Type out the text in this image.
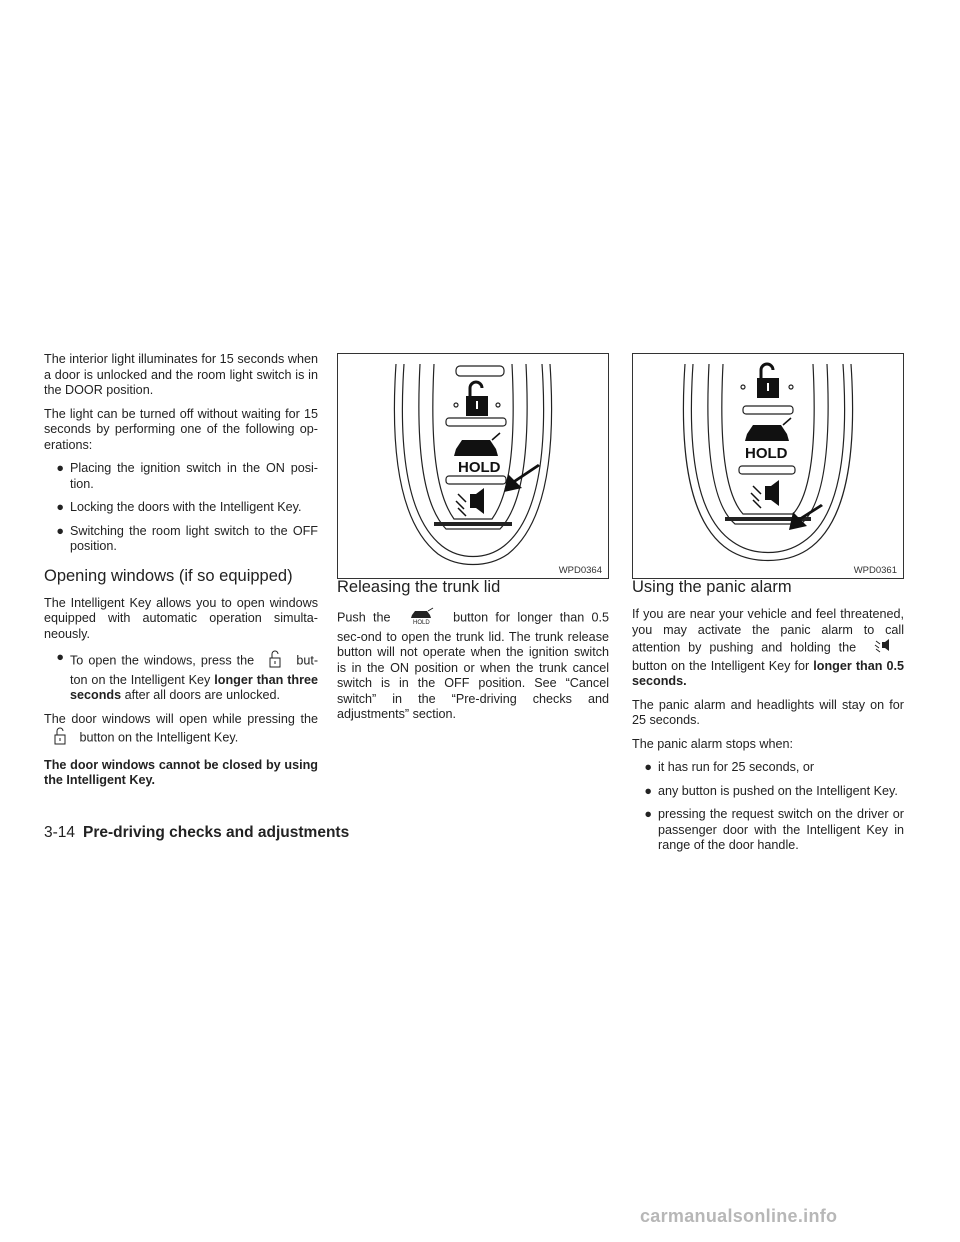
The interior light illuminates for 15 seconds when a door is unlocked and the room light switch is in the DOOR position.

The light can be turned off without waiting for 15 seconds by performing one of the following op-erations:

● Placing the ignition switch in the ON posi-tion.
● Locking the doors with the Intelligent Key.
● Switching the room light switch to the OFF position.
Opening windows (if so equipped)

The Intelligent Key allows you to open windows equipped with automatic operation simulta-neously.

● To open the windows, press the	but-ton on the Intelligent Key longer than three seconds after all doors are unlocked.

The door windows will open while pressing the  button on the Intelligent Key.

The door windows cannot be closed by using the Intelligent Key.

HOLD
WPD0364
Releasing the trunk lid

Push the	HOLD button for longer than 0.5 sec-ond to open the trunk lid. The trunk release button will not operate when the ignition switch is in the ON position or when the trunk cancel switch is in the OFF position. See “Cancel switch” in the “Pre-driving checks and adjustments” section.

HOLD
WPD0361
Using the panic alarm

If you are near your vehicle and feel threatened, you may activate the panic alarm to call attention by pushing and holding the  button on the Intelligent Key for longer than 0.5 seconds.

The panic alarm and headlights will stay on for 25 seconds.

The panic alarm stops when:

● it has run for 25 seconds, or
● any button is pushed on the Intelligent Key.
● pressing the request switch on the driver or passenger door with the Intelligent Key in range of the door handle.
3-14 Pre-driving checks and adjustments
carmanualsonline.info
